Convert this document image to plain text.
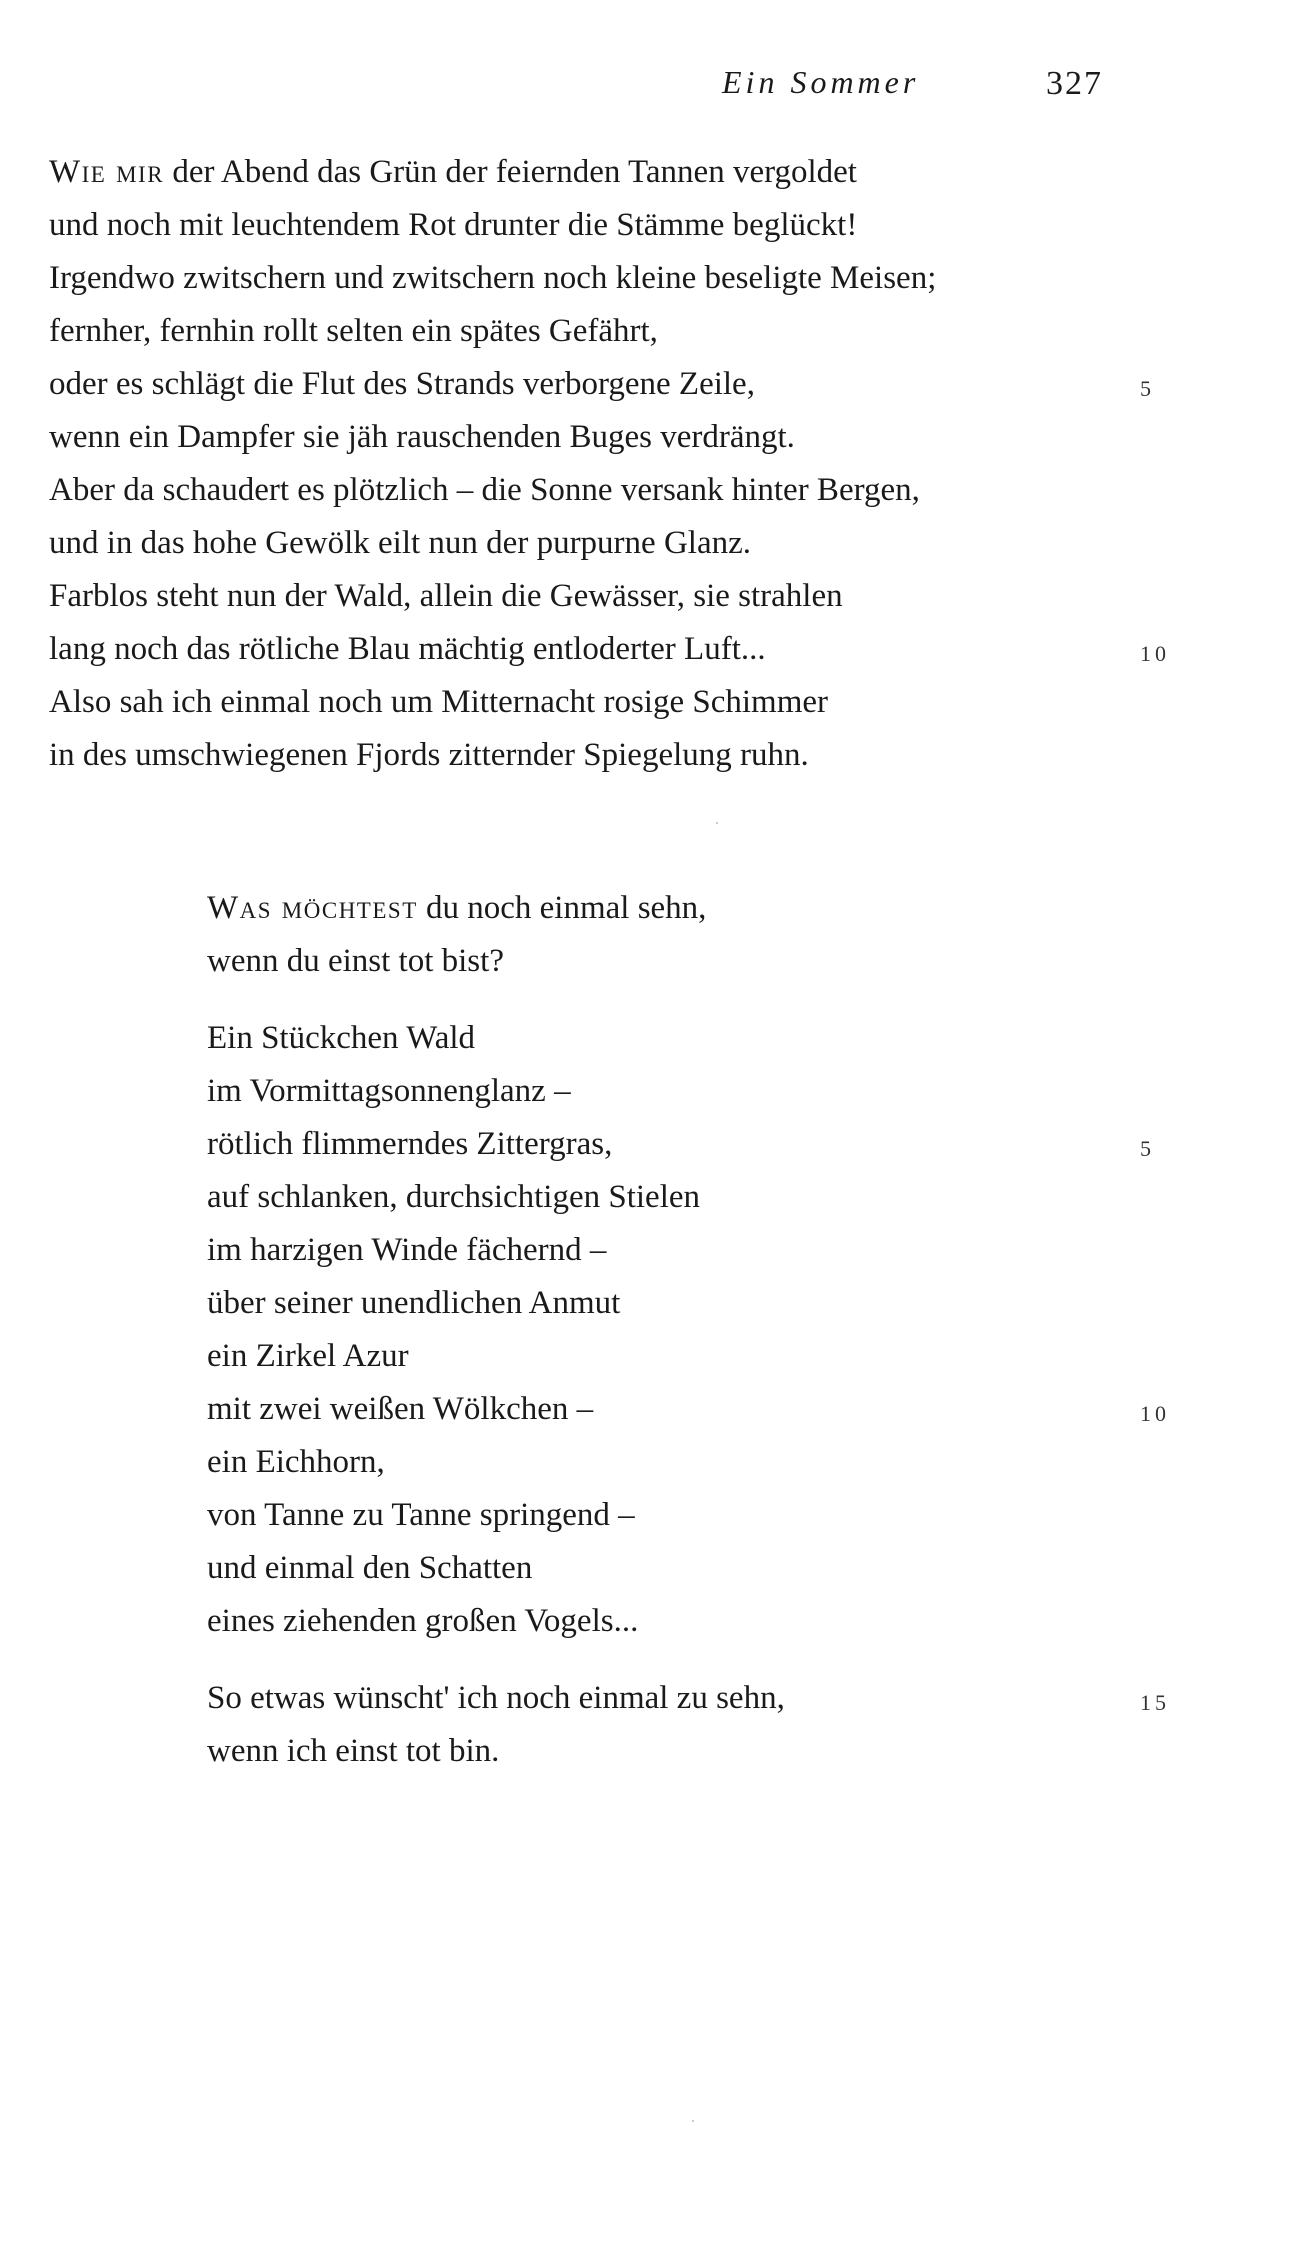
Ein Sommer	327
Wie mir der Abend das Grün der feiernden Tannen vergoldet
und noch mit leuchtendem Rot drunter die Stämme beglückt!
Irgendwo zwitschern und zwitschern noch kleine beseligte Meisen;
fernher, fernhin rollt selten ein spätes Gefährt,
oder es schlägt die Flut des Strands verborgene Zeile,	5
wenn ein Dampfer sie jäh rauschenden Buges verdrängt.
Aber da schaudert es plötzlich – die Sonne versank hinter Bergen,
und in das hohe Gewölk eilt nun der purpurne Glanz.
Farblos steht nun der Wald, allein die Gewässer, sie strahlen
lang noch das rötliche Blau mächtig entloderter Luft...	10
Also sah ich einmal noch um Mitternacht rosige Schimmer
in des umschwiegenen Fjords zitternder Spiegelung ruhn.
Was möchtest du noch einmal sehn,
wenn du einst tot bist?
Ein Stückchen Wald
im Vormittagsonnenglanz –
rötlich flimmerndes Zittergras,	5
auf schlanken, durchsichtigen Stielen
im harzigen Winde fächernd –
über seiner unendlichen Anmut
ein Zirkel Azur
mit zwei weißen Wölkchen –	10
ein Eichhorn,
von Tanne zu Tanne springend –
und einmal den Schatten
eines ziehenden großen Vogels...
So etwas wünscht' ich noch einmal zu sehn,	15
wenn ich einst tot bin.
